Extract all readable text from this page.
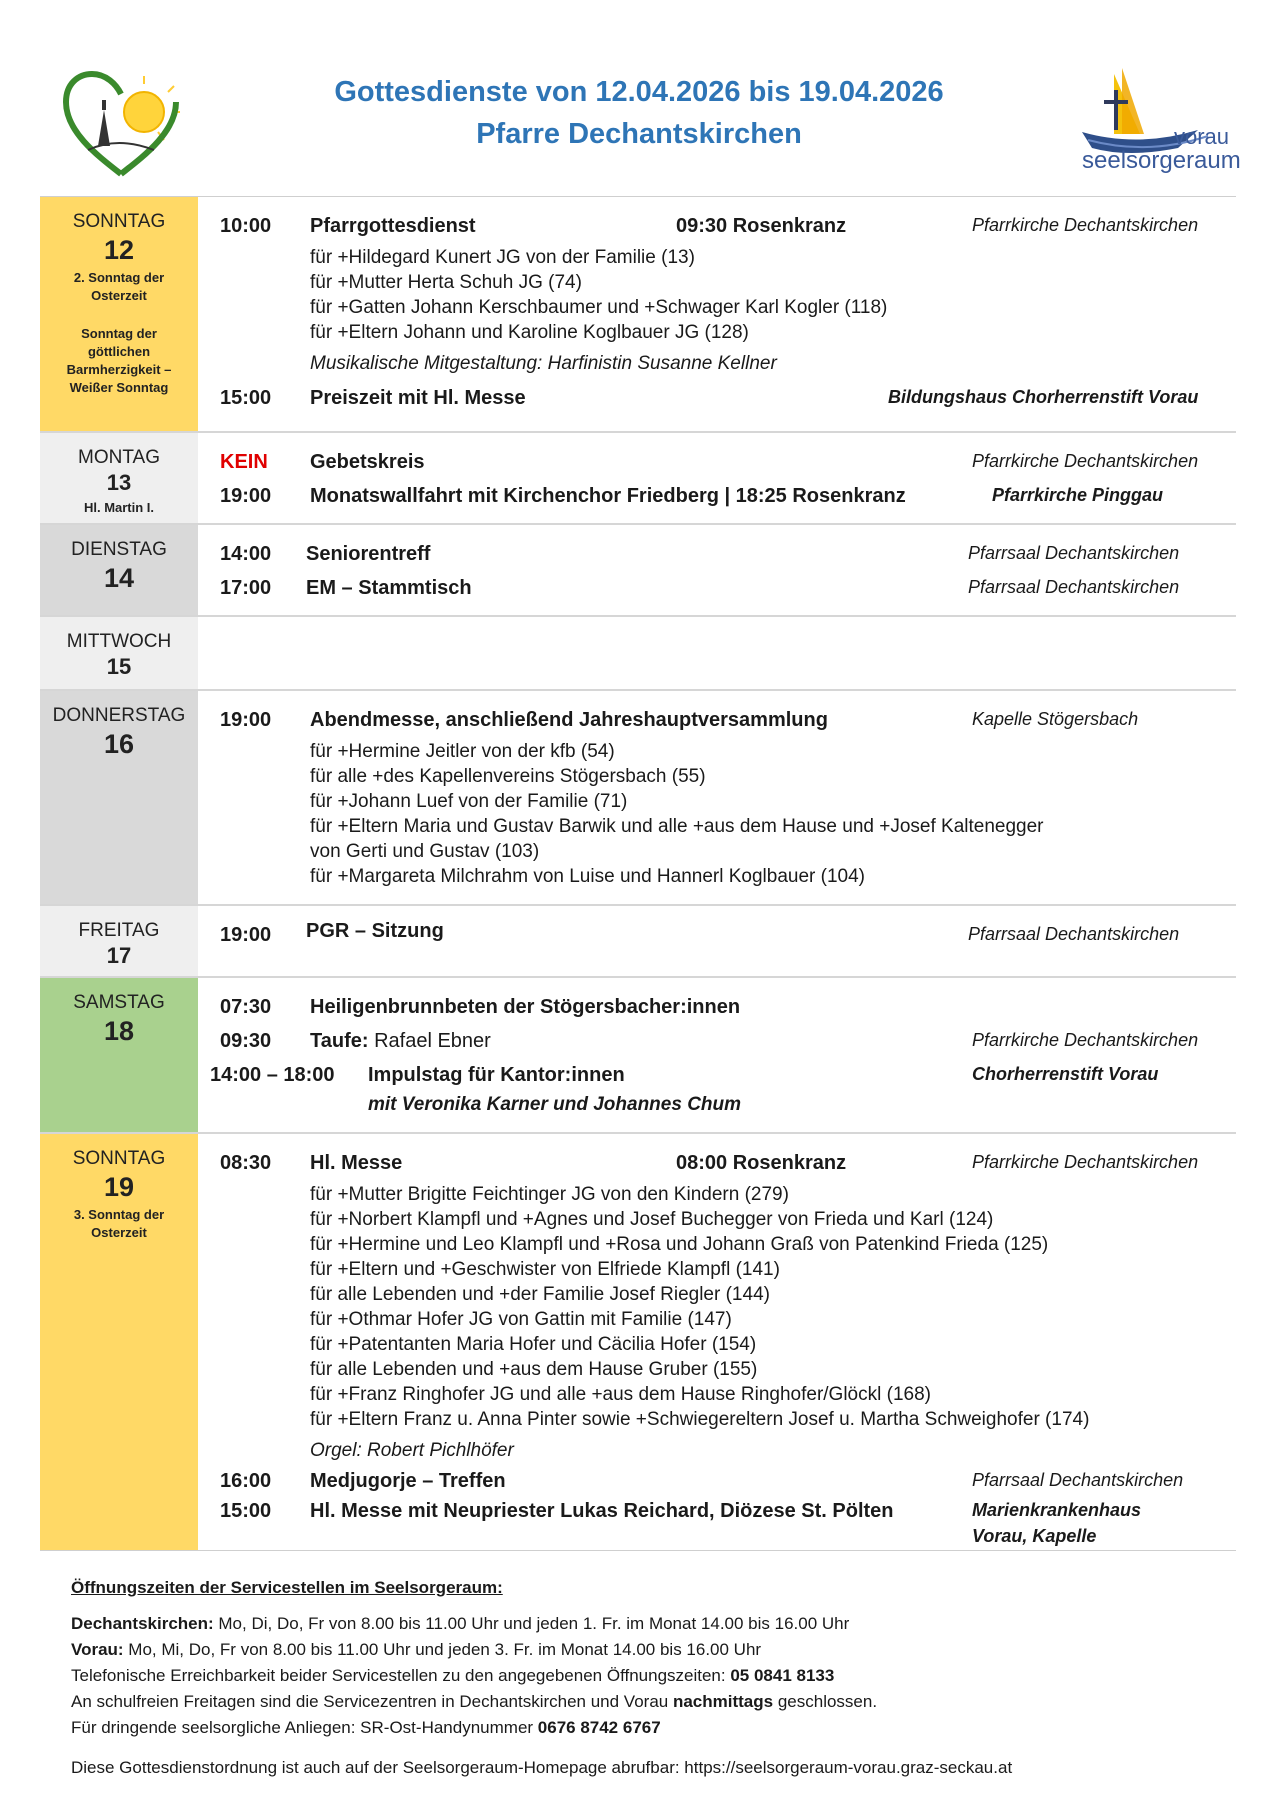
Gottesdienste von 12.04.2026 bis 19.04.2026
Pfarre Dechantskirchen	vorau
seelsorgeraum
SONNTAG
12
2. Sonntag der Osterzeit
Sonntag der göttlichen Barmherzigkeit – Weißer Sonntag
10:00 Pfarrgottesdienst	09:30 Rosenkranz	Pfarrkirche Dechantskirchen
für +Hildegard Kunert JG von der Familie (13)
für +Mutter Herta Schuh JG (74)
für +Gatten Johann Kerschbaumer und +Schwager Karl Kogler (118)
für +Eltern Johann und Karoline Koglbauer JG (128)
Musikalische Mitgestaltung: Harfinistin Susanne Kellner
15:00 Preiszeit mit Hl. Messe	Bildungshaus Chorherrenstift Vorau
MONTAG
13
Hl. Martin I.
KEIN Gebetskreis	Pfarrkirche Dechantskirchen
19:00 Monatswallfahrt mit Kirchenchor Friedberg | 18:25 Rosenkranz	Pfarrkirche Pinggau
DIENSTAG
14
14:00 Seniorentreff	Pfarrsaal Dechantskirchen
17:00 EM – Stammtisch	Pfarrsaal Dechantskirchen
MITTWOCH
15
DONNERSTAG
16
19:00 Abendmesse, anschließend Jahreshauptversammlung	Kapelle Stögersbach
für +Hermine Jeitler von der kfb (54)
für alle +des Kapellenvereins Stögersbach (55)
für +Johann Luef von der Familie (71)
für +Eltern Maria und Gustav Barwik und alle +aus dem Hause und +Josef Kaltenegger
von Gerti und Gustav (103)
für +Margareta Milchrahm von Luise und Hannerl Koglbauer (104)
FREITAG
17
19:00 PGR – Sitzung	Pfarrsaal Dechantskirchen
SAMSTAG
18
07:30 Heiligenbrunnbeten der Stögersbacher:innen
09:30 Taufe: Rafael Ebner	Pfarrkirche Dechantskirchen
14:00 – 18:00 Impulstag für Kantor:innen	Chorherrenstift Vorau
mit Veronika Karner und Johannes Chum
SONNTAG
19
3. Sonntag der Osterzeit
08:30 Hl. Messe	08:00 Rosenkranz	Pfarrkirche Dechantskirchen
für +Mutter Brigitte Feichtinger JG von den Kindern (279)
für +Norbert Klampfl und +Agnes und Josef Buchegger von Frieda und Karl (124)
für +Hermine und Leo Klampfl und +Rosa und Johann Graß von Patenkind Frieda (125)
für +Eltern und +Geschwister von Elfriede Klampfl (141)
für alle Lebenden und +der Familie Josef Riegler (144)
für +Othmar Hofer JG von Gattin mit Familie (147)
für +Patentanten Maria Hofer und Cäcilia Hofer (154)
für alle Lebenden und +aus dem Hause Gruber (155)
für +Franz Ringhofer JG und alle +aus dem Hause Ringhofer/Glöckl (168)
für +Eltern Franz u. Anna Pinter sowie +Schwiegereltern Josef u. Martha Schweighofer (174)
Orgel: Robert Pichlhöfer
16:00 Medjugorje – Treffen	Pfarrsaal Dechantskirchen
15:00 Hl. Messe mit Neupriester Lukas Reichard, Diözese St. Pölten	Marienkrankenhaus
Vorau, Kapelle
Öffnungszeiten der Servicestellen im Seelsorgeraum:
Dechantskirchen: Mo, Di, Do, Fr von 8.00 bis 11.00 Uhr und jeden 1. Fr. im Monat 14.00 bis 16.00 Uhr
Vorau: Mo, Mi, Do, Fr von 8.00 bis 11.00 Uhr und jeden 3. Fr. im Monat 14.00 bis 16.00 Uhr
Telefonische Erreichbarkeit beider Servicestellen zu den angegebenen Öffnungszeiten: 05 0841 8133
An schulfreien Freitagen sind die Servicezentren in Dechantskirchen und Vorau nachmittags geschlossen.
Für dringende seelsorgliche Anliegen: SR-Ost-Handynummer 0676 8742 6767
Diese Gottesdienstordnung ist auch auf der Seelsorgeraum-Homepage abrufbar: https://seelsorgeraum-vorau.graz-seckau.at
